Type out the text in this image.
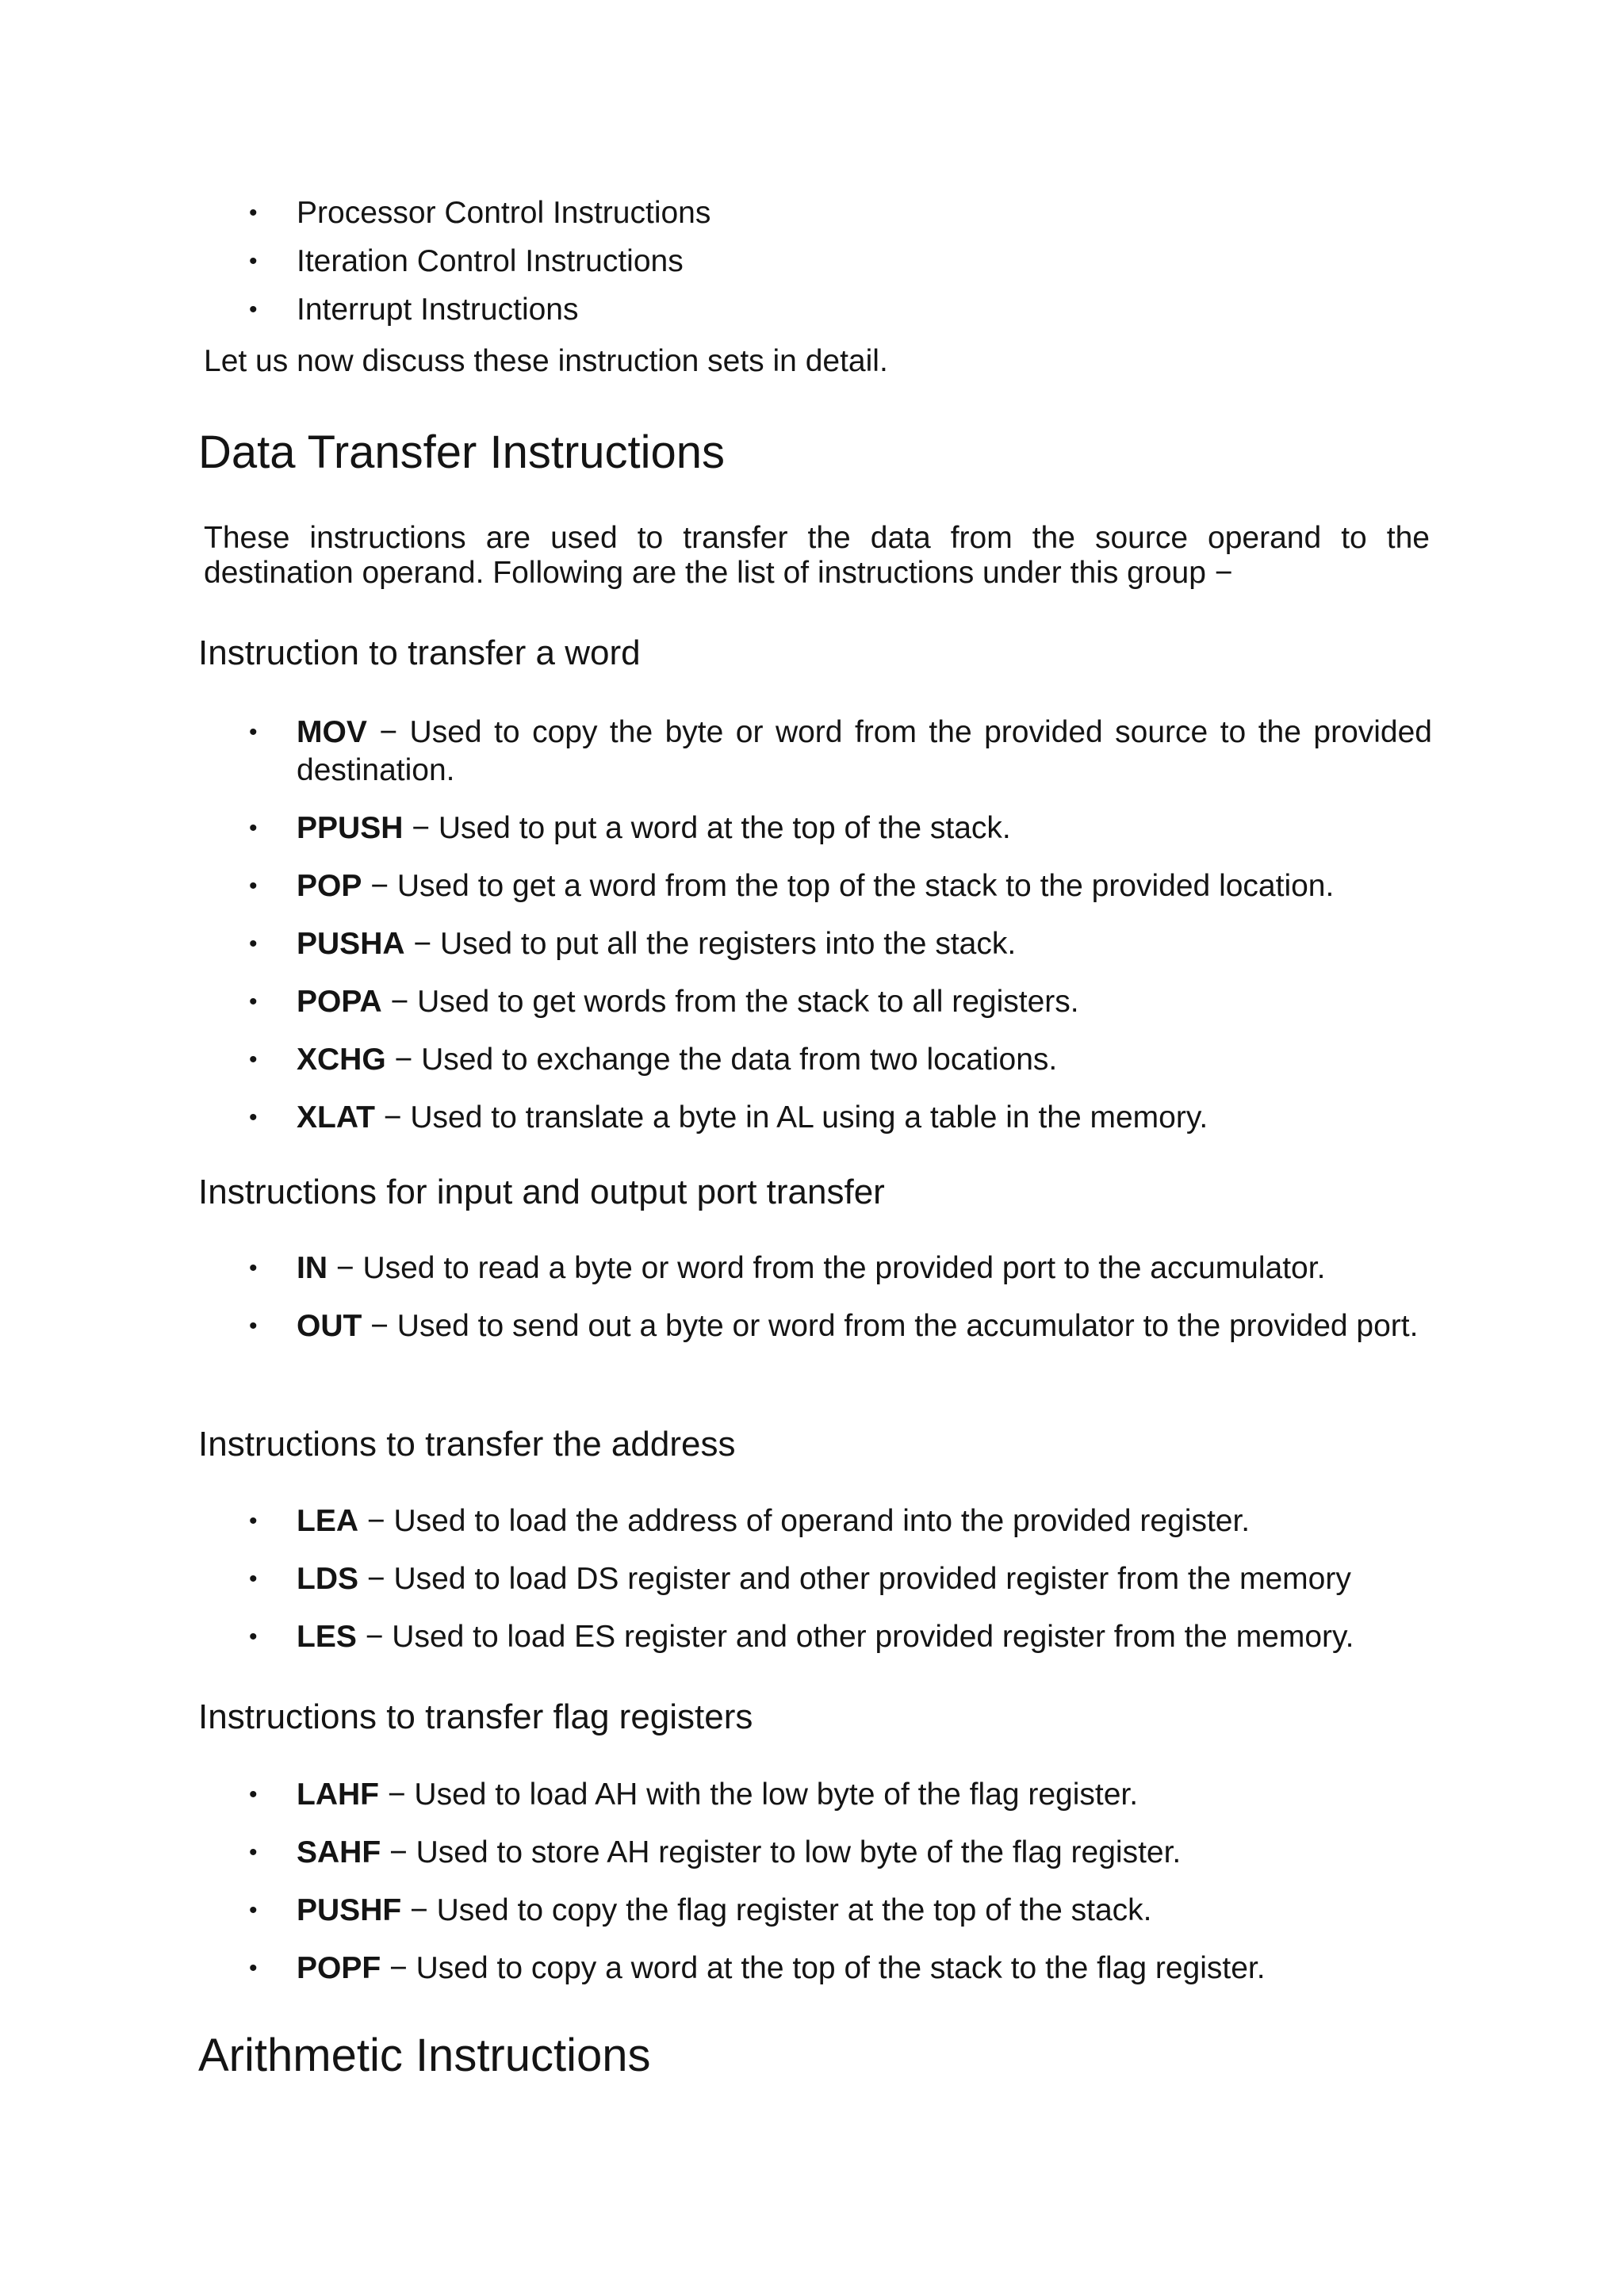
• Processor Control Instructions
• Iteration Control Instructions
• Interrupt Instructions

Let us now discuss these instruction sets in detail.

Data Transfer Instructions

These instructions are used to transfer the data from the source operand to the destination operand. Following are the list of instructions under this group −

Instruction to transfer a word
• MOV − Used to copy the byte or word from the provided source to the provided destination.
• PPUSH − Used to put a word at the top of the stack.
• POP − Used to get a word from the top of the stack to the provided location.
• PUSHA − Used to put all the registers into the stack.
• POPA − Used to get words from the stack to all registers.
• XCHG − Used to exchange the data from two locations.
• XLAT − Used to translate a byte in AL using a table in the memory.
Instructions for input and output port transfer
• IN − Used to read a byte or word from the provided port to the accumulator.
• OUT − Used to send out a byte or word from the accumulator to the provided port.
Instructions to transfer the address
• LEA − Used to load the address of operand into the provided register.
• LDS − Used to load DS register and other provided register from the memory
• LES − Used to load ES register and other provided register from the memory.
Instructions to transfer flag registers
• LAHF − Used to load AH with the low byte of the flag register.
• SAHF − Used to store AH register to low byte of the flag register.
• PUSHF − Used to copy the flag register at the top of the stack.
• POPF − Used to copy a word at the top of the stack to the flag register.
Arithmetic Instructions
